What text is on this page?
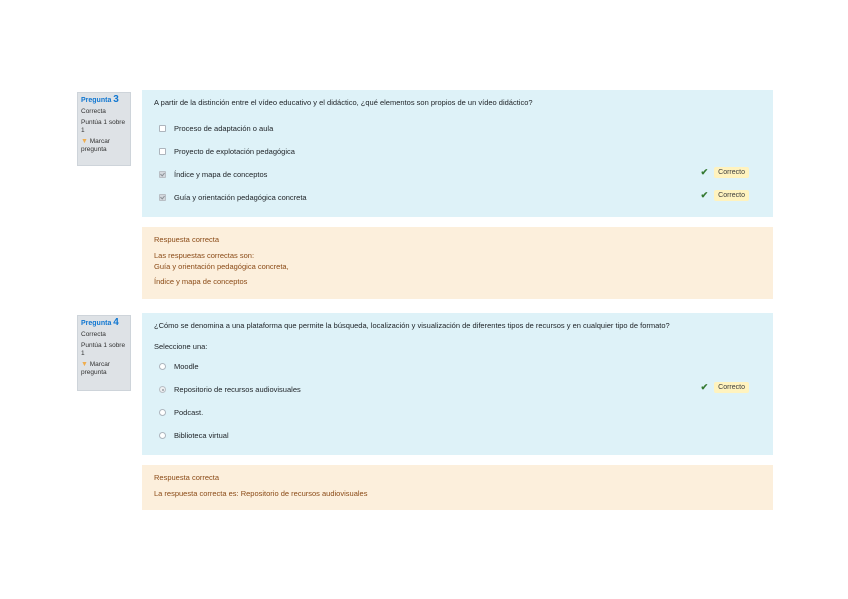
Pregunta 3
Correcta
Puntúa 1 sobre 1
▼ Marcar pregunta
A partir de la distinción entre el vídeo educativo y el didáctico, ¿qué elementos son propios de un vídeo didáctico?
Proceso de adaptación o aula
Proyecto de explotación pedagógica
Índice y mapa de conceptos	✔	Correcto
Guía y orientación pedagógica concreta	✔	Correcto
Respuesta correcta
Las respuestas correctas son:
Guía y orientación pedagógica concreta,
Índice y mapa de conceptos
Pregunta 4
Correcta
Puntúa 1 sobre 1
▼ Marcar pregunta
¿Cómo se denomina a una plataforma que permite la búsqueda, localización y visualización de diferentes tipos de recursos y en cualquier tipo de formato?
Seleccione una:
Moodle
Repositorio de recursos audiovisuales	✔	Correcto
Podcast.
Biblioteca virtual
Respuesta correcta
La respuesta correcta es: Repositorio de recursos audiovisuales
